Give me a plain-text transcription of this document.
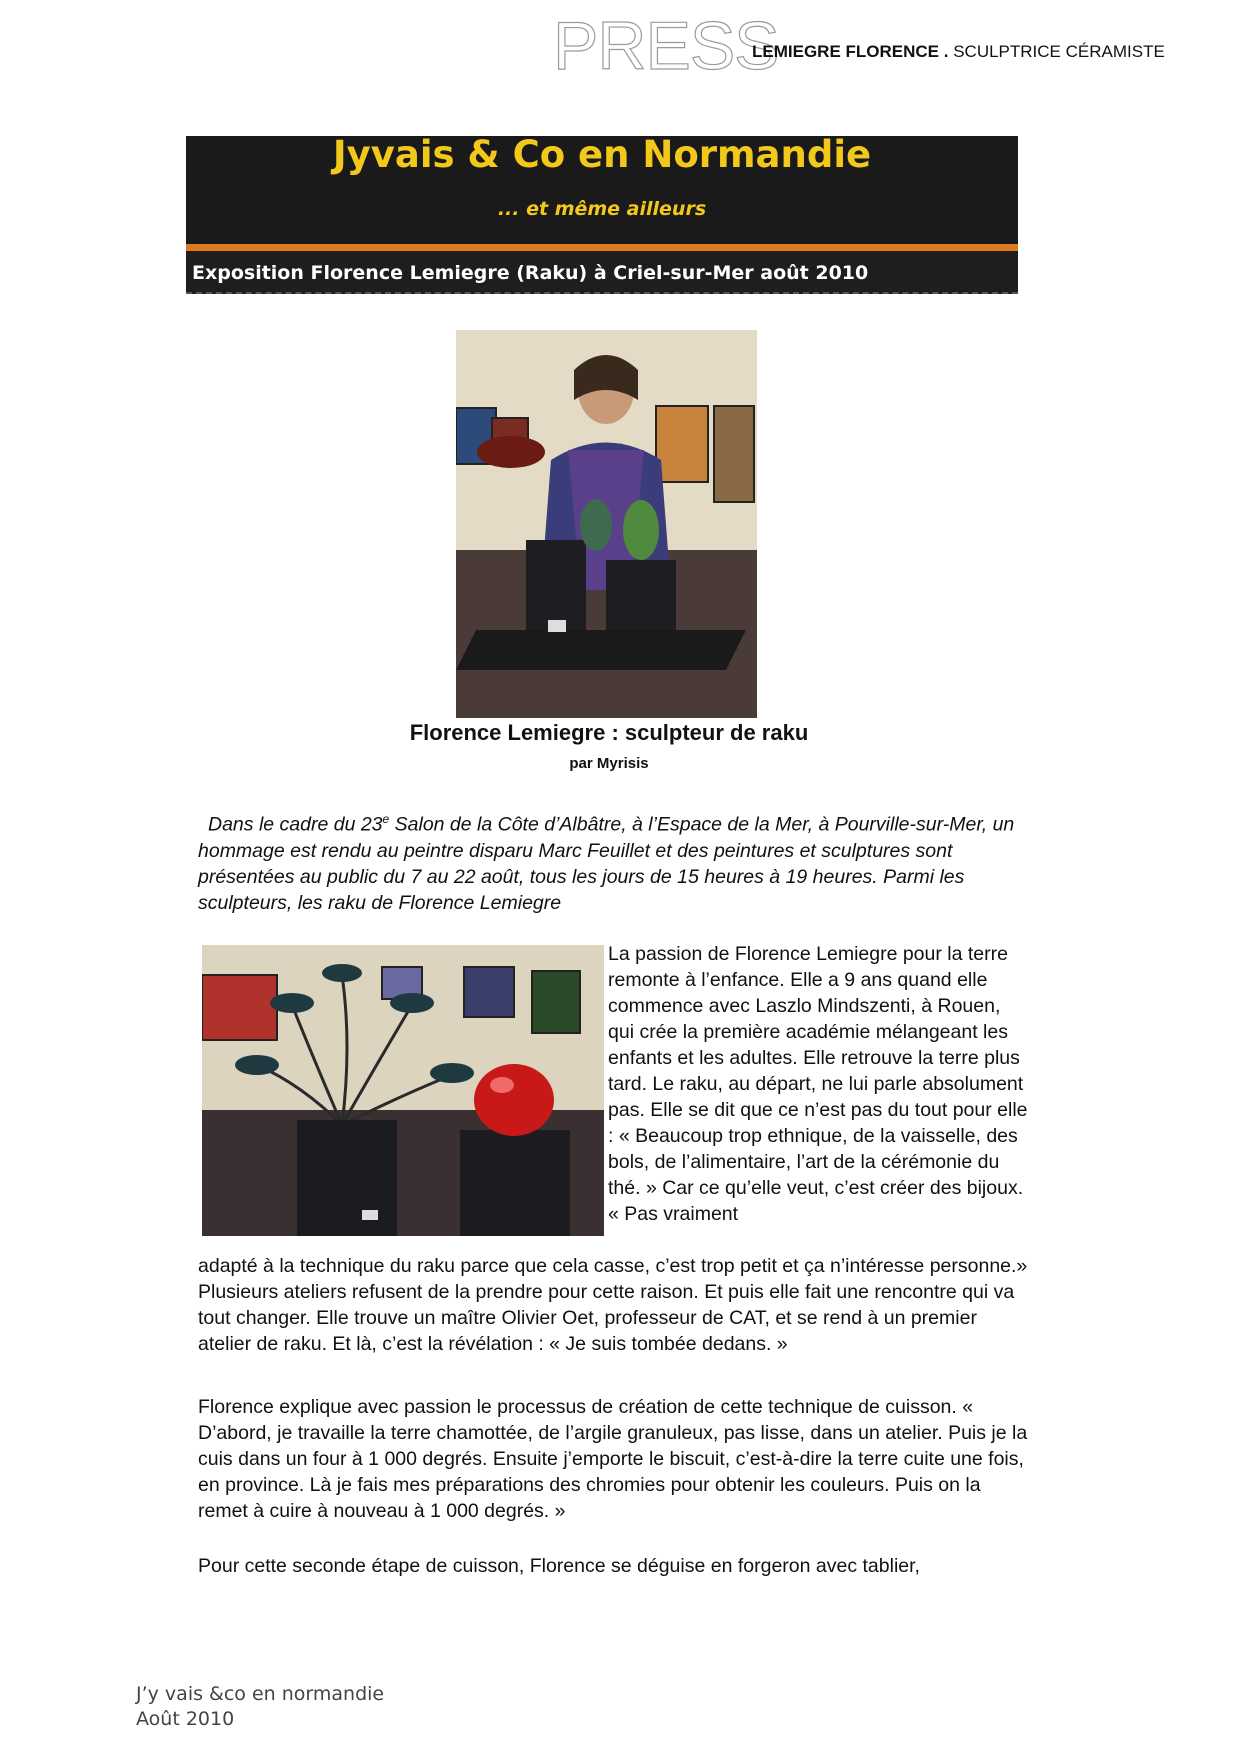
PRESS
LEMIEGRE FLORENCE . SCULPTRICE CÉRAMISTE
Jyvais & Co en Normandie
... et même ailleurs
Exposition Florence Lemiegre (Raku) à Criel-sur-Mer août 2010
Florence Lemiegre : sculpteur de raku
par Myrisis
Dans le cadre du 23e Salon de la Côte d’Albâtre, à l’Espace de la Mer, à Pourville-sur-Mer, un hommage est rendu au peintre disparu Marc Feuillet et des peintures et sculptures sont présentées au public du 7 au 22 août, tous les jours de 15 heures à 19 heures. Parmi les sculpteurs, les raku de Florence Lemiegre
La passion de Florence Lemiegre pour la terre remonte à l’enfance. Elle a 9 ans quand elle commence avec Laszlo Mindszenti, à Rouen, qui crée la première académie mélangeant les enfants et les adultes. Elle retrouve la terre plus tard. Le raku, au départ, ne lui parle absolument pas. Elle se dit que ce n’est pas du tout pour elle : « Beaucoup trop ethnique, de la vaisselle, des bols, de l’alimentaire, l’art de la cérémonie du thé. » Car ce qu’elle veut, c’est créer des bijoux. « Pas vraiment
adapté à la technique du raku parce que cela casse, c’est trop petit et ça n’intéresse personne.» Plusieurs ateliers refusent de la prendre pour cette raison. Et puis elle fait une rencontre qui va tout changer. Elle trouve un maître Olivier Oet, professeur de CAT, et se rend à un premier atelier de raku. Et là, c’est la révélation : « Je suis tombée dedans. »
Florence explique avec passion le processus de création de cette technique de cuisson. « D’abord, je travaille la terre chamottée, de l’argile granuleux, pas lisse, dans un atelier. Puis je la cuis dans un four à 1 000 degrés. Ensuite j’emporte le biscuit, c’est-à-dire la terre cuite une fois, en province. Là je fais mes préparations des chromies pour obtenir les couleurs. Puis on la remet à cuire à nouveau à 1 000 degrés. »
Pour cette seconde étape de cuisson, Florence se déguise en forgeron avec tablier,
J’y vais &co en normandie
Août 2010
